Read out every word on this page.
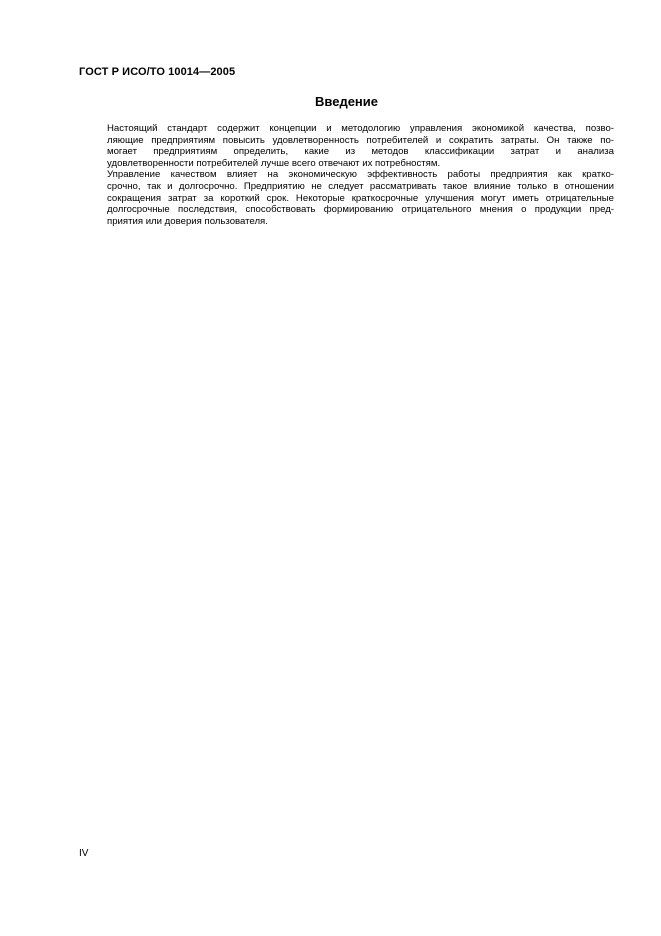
ГОСТ Р ИСО/ТО 10014—2005
Введение
Настоящий стандарт содержит концепции и методологию управления экономикой качества, позво-
ляющие предприятиям повысить удовлетворенность потребителей и сократить затраты. Он также по-
могает предприятиям определить, какие из методов классификации затрат и анализа
удовлетворенности потребителей лучше всего отвечают их потребностям.
Управление качеством влияет на экономическую эффективность работы предприятия как кратко-
срочно, так и долгосрочно. Предприятию не следует рассматривать такое влияние только в отношении
сокращения затрат за короткий срок. Некоторые краткосрочные улучшения могут иметь отрицательные
долгосрочные последствия, способствовать формированию отрицательного мнения о продукции пред-
приятия или доверия пользователя.
IV
